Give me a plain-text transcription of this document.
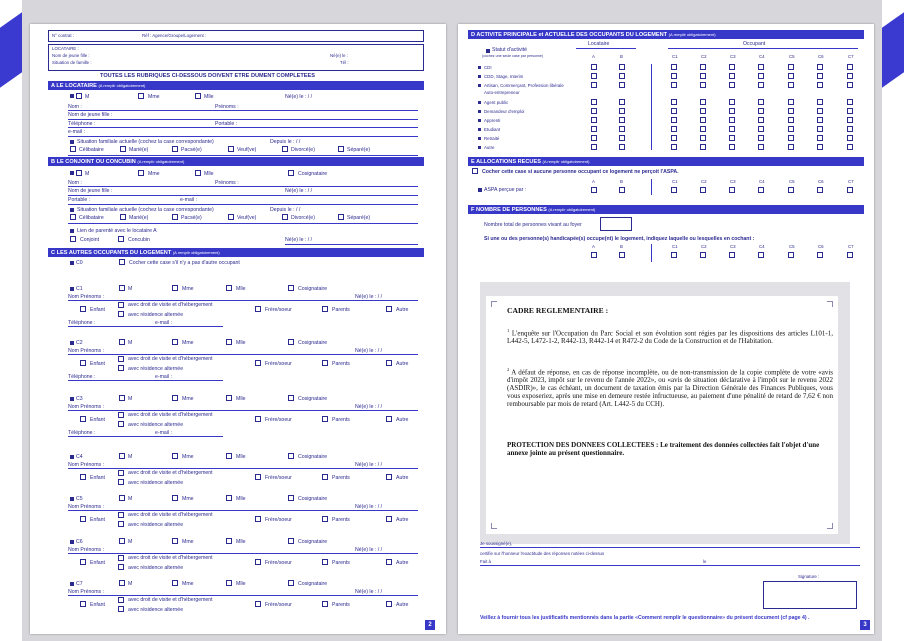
N° contrat :	Réf : Agence/Groupe/Logement :
LOCATAIRE :
Nom de jeune fille :
Situation de famille :
Né(e) le :
Tél :
TOUTES LES RUBRIQUES CI-DESSOUS DOIVENT ETRE DUMENT COMPLETEES
A LE LOCATAIRE (A remplir obligatoirement)
M	Mme	Mlle	Né(e) le : / /
Nom :	Prénoms :
Nom de jeune fille :
Téléphone :	Portable :
e-mail :
Situation familiale actuelle (cochez la case correspondante)	Depuis le : / /
Célibataire	Marié(e)	Pacsé(e)	Veuf(ve)	Divorcé(e)	Séparé(e)
B LE CONJOINT OU CONCUBIN (A remplir obligatoirement)
M	Mme	Mlle	Cosignataire
Nom :	Prénoms :
Nom de jeune fille :	Né(e) le : / /
Portable :	e-mail :
Situation familiale actuelle (cochez la case correspondante)	Depuis le : / /
Célibataire	Marié(e)	Pacsé(e)	Veuf(ve)	Divorcé(e)	Séparé(e)
Lien de parenté avec le locataire A
Conjoint	Concubin	Né(e) le : / /
C LES AUTRES OCCUPANTS DU LOGEMENT (A remplir obligatoirement)
C0	Cocher cette case s'il n'y a pas d'autre occupant
C1	M	Mme	Mlle	Cosignataire
Nom Prénoms :	Né(e) le : / /
Enfant
avec droit de visite et d'hébergement
avec résidence alternée
Frère/soeur	Parents	Autre
Téléphone :	e-mail :
C2	M	Mme	Mlle	Cosignataire
Nom Prénoms :	Né(e) le : / /
Enfant
avec droit de visite et d'hébergement
avec résidence alternée
Frère/soeur	Parents	Autre
Téléphone :	e-mail :
C3	M	Mme	Mlle	Cosignataire
Nom Prénoms :	Né(e) le : / /
Enfant
avec droit de visite et d'hébergement
avec résidence alternée
Frère/soeur	Parents	Autre
Téléphone :	e-mail :
C4	M	Mme	Mlle	Cosignataire
Nom Prénoms :	Né(e) le : / /
Enfant
avec droit de visite et d'hébergement
avec résidence alternée
Frère/soeur	Parents	Autre
C5	M	Mme	Mlle	Cosignataire
Nom Prénoms :	Né(e) le : / /
Enfant
avec droit de visite et d'hébergement
avec résidence alternée
Frère/soeur	Parents	Autre
C6	M	Mme	Mlle	Cosignataire
Nom Prénoms :	Né(e) le : / /
Enfant
avec droit de visite et d'hébergement
avec résidence alternée
Frère/soeur	Parents	Autre
C7	M	Mme	Mlle	Cosignataire
Nom Prénoms :	Né(e) le : / /
Enfant
avec droit de visite et d'hébergement
avec résidence alternée
Frère/soeur	Parents	Autre
2
D ACTIVITE PRINCIPALE et ACTUELLE DES OCCUPANTS DU LOGEMENT (A remplir obligatoirement)
Locataire	Occupant
Statut d'activité
(cochez une seule case par personne)	A	B	C1	C2	C3	C4	C5	C6	C7
CDI
CDD, Stage, Interim
Artisan, Commerçant, Profession libérale
Auto-entrepreneur
Agent public
Demandeur d'emploi
Apprenti
Etudiant
Retraité
Autre
E ALLOCATIONS RECUES (A remplir obligatoirement)
Cocher cette case si aucune personne occupant ce logement ne perçoit l'ASPA.
A	B	C1	C2	C3	C4	C5	C6	C7
ASPA perçue par :
F NOMBRE DE PERSONNES (A remplir obligatoirement)
Nombre total de personnes vivant au foyer
Si une ou des personne(s) handicapée(s) occupe(nt) le logement, indiquez laquelle ou lesquelles en cochant :
A	B	C1	C2	C3	C4	C5	C6	C7
CADRE REGLEMENTAIRE :
$^1$ L'enquête sur l'Occupation du Parc Social et son évolution sont régies par les dispositions des articles L101-1, L442-5, L472-1-2, R442-13, R442-14 et R472-2 du Code de la Construction et de l'Habitation.
$^2$ A défaut de réponse, en cas de réponse incomplète, ou de non-transmission de la copie complète de votre «avis d'impôt 2023, impôt sur le revenu de l'année 2022», ou «avis de situation déclarative à l'impôt sur le revenu 2022 (ASDIR)», le cas échéant, un document de taxation émis par la Direction Générale des Finances Publiques, vous vous exposeriez, après une mise en demeure restée infructueuse, au paiement d'une pénalité de retard de 7,62 € non remboursable par mois de retard (Art. L442-5 du CCH).
PROTECTION DES DONNEES COLLECTEES : Le traitement des données collectées fait l'objet d'une annexe jointe au présent questionnaire.
Je soussigné(e),
certifie sur l'honneur l'exactitude des réponses notées ci-dessus
Fait à	le
Signature :
Veillez à fournir tous les justificatifs mentionnés dans la partie «Comment remplir le questionnaire» du présent document (cf page 4) .
3
